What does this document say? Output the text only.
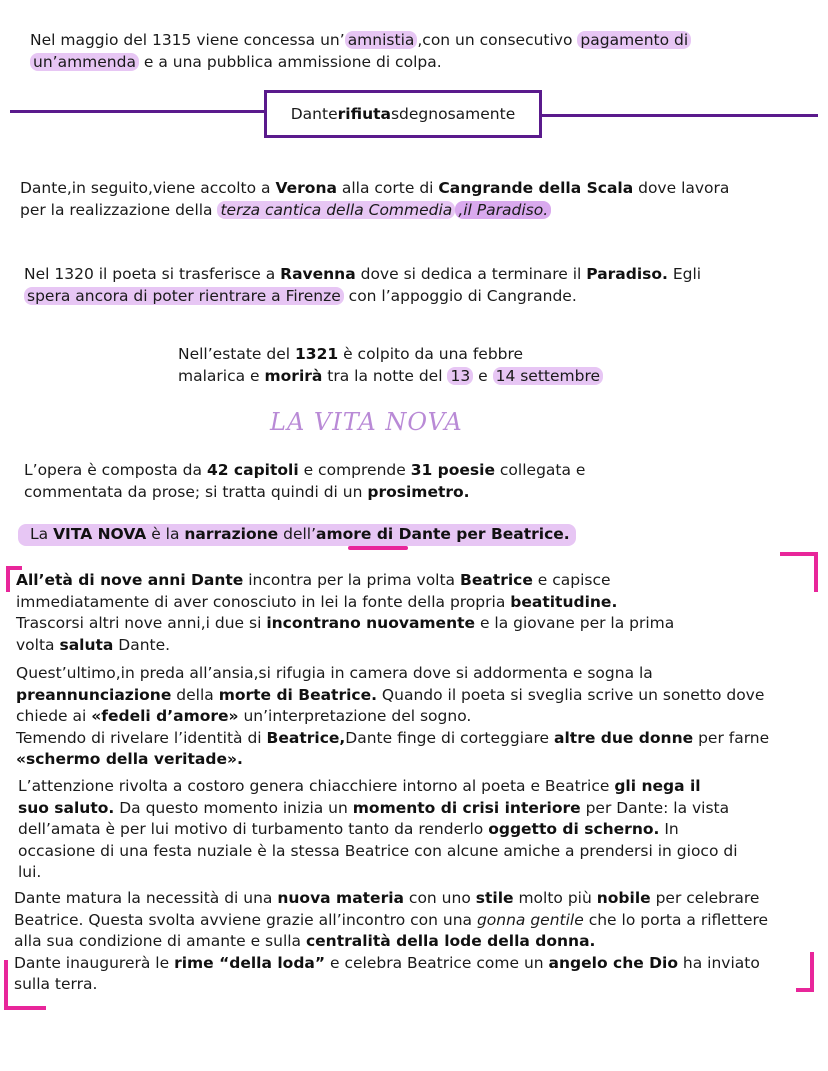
Nel maggio del 1315 viene concessa un’ amnistia ,con un consecutivo pagamento di
un’ammenda e a una pubblica ammissione di colpa.
Dante rifiuta sdegnosamente
Dante,in seguito,viene accolto a Verona alla corte di Cangrande della Scala dove lavora
per la realizzazione della terza cantica della Commedia ,il Paradiso.
Nel 1320 il poeta si trasferisce a Ravenna dove si dedica a terminare il Paradiso. Egli
spera ancora di poter rientrare a Firenze con l’appoggio di Cangrande.
Nell’estate del 1321 è colpito da una febbre
malarica e morirà tra la notte del 13 e 14 settembre
LA VITA NOVA
L’opera è composta da 42 capitoli e comprende 31 poesie collegata e
commentata da prose; si tratta quindi di un prosimetro.
La VITA NOVA è la narrazione dell’amore di Dante per Beatrice.
All’età di nove anni Dante incontra per la prima volta Beatrice e capisce
immediatamente di aver conosciuto in lei la fonte della propria beatitudine.
Trascorsi altri nove anni,i due si incontrano nuovamente e la giovane per la prima
volta saluta Dante.
Quest’ultimo,in preda all’ansia,si rifugia in camera dove si addormenta e sogna la
preannunciazione della morte di Beatrice. Quando il poeta si sveglia scrive un sonetto dove
chiede ai «fedeli d’amore» un’interpretazione del sogno.
Temendo di rivelare l’identità di Beatrice,Dante finge di corteggiare altre due donne per farne
«schermo della veritade».
L’attenzione rivolta a costoro genera chiacchiere intorno al poeta e Beatrice gli nega il
suo saluto. Da questo momento inizia un momento di crisi interiore per Dante: la vista
dell’amata è per lui motivo di turbamento tanto da renderlo oggetto di scherno. In
occasione di una festa nuziale è la stessa Beatrice con alcune amiche a prendersi in gioco di
lui.
Dante matura la necessità di una nuova materia con uno stile molto più nobile per celebrare
Beatrice. Questa svolta avviene grazie all’incontro con una gonna gentile che lo porta a riflettere
alla sua condizione di amante e sulla centralità della lode della donna.
Dante inaugurerà le rime “della loda” e celebra Beatrice come un angelo che Dio ha inviato
sulla terra.
